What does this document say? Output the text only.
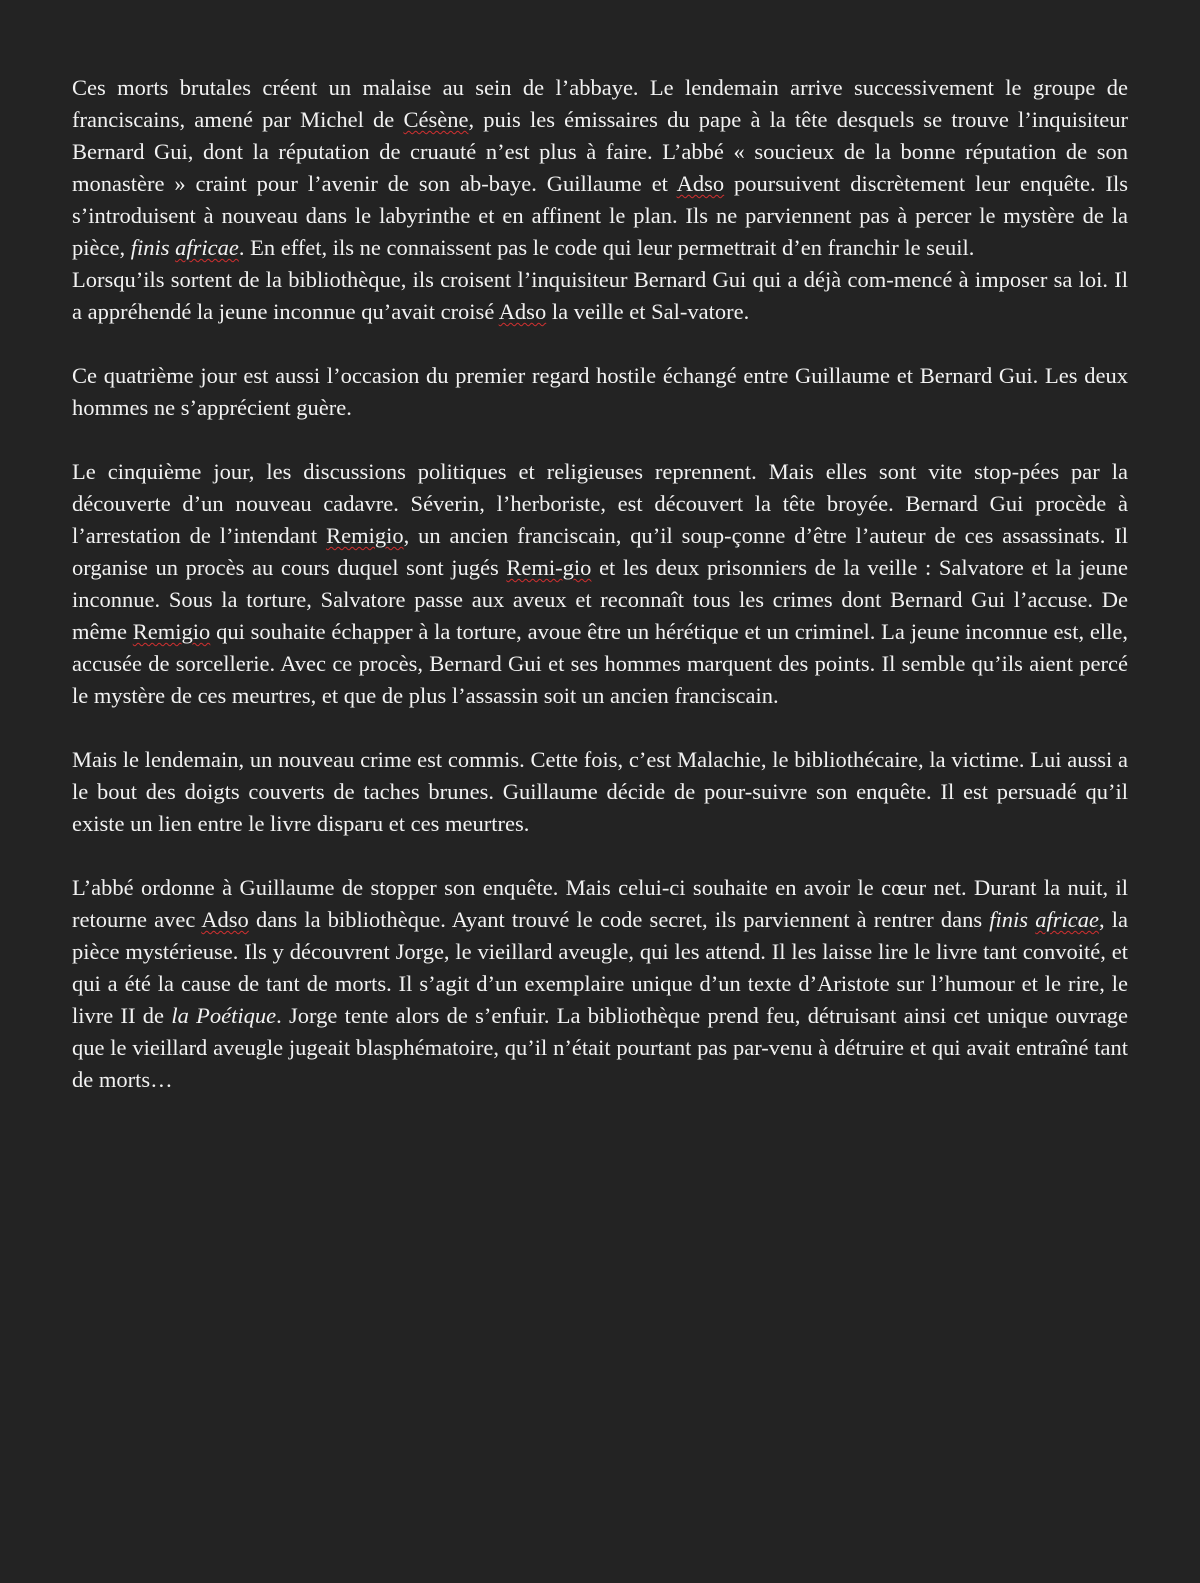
Ces morts brutales créent un malaise au sein de l’abbaye. Le lendemain arrive successivement le groupe de franciscains, amené par Michel de Césène, puis les émissaires du pape à la tête desquels se trouve l’inquisiteur Bernard Gui, dont la réputation de cruauté n’est plus à faire. L’abbé « soucieux de la bonne réputation de son monastère » craint pour l’avenir de son ab-baye. Guillaume et Adso poursuivent discrètement leur enquête. Ils s’introduisent à nouveau dans le labyrinthe et en affinent le plan. Ils ne parviennent pas à percer le mystère de la pièce, finis africae. En effet, ils ne connaissent pas le code qui leur permettrait d’en franchir le seuil.

Lorsqu’ils sortent de la bibliothèque, ils croisent l’inquisiteur Bernard Gui qui a déjà com-mencé à imposer sa loi. Il a appréhendé la jeune inconnue qu’avait croisé Adso la veille et Sal-vatore.

Ce quatrième jour est aussi l’occasion du premier regard hostile échangé entre Guillaume et Bernard Gui. Les deux hommes ne s’apprécient guère.

Le cinquième jour, les discussions politiques et religieuses reprennent. Mais elles sont vite stop-pées par la découverte d’un nouveau cadavre. Séverin, l’herboriste, est découvert la tête broyée. Bernard Gui procède à l’arrestation de l’intendant Remigio, un ancien franciscain, qu’il soup-çonne d’être l’auteur de ces assassinats. Il organise un procès au cours duquel sont jugés Remi-gio et les deux prisonniers de la veille : Salvatore et la jeune inconnue. Sous la torture, Salvatore passe aux aveux et reconnaît tous les crimes dont Bernard Gui l’accuse. De même Remigio qui souhaite échapper à la torture, avoue être un hérétique et un criminel. La jeune inconnue est, elle, accusée de sorcellerie. Avec ce procès, Bernard Gui et ses hommes marquent des points. Il semble qu’ils aient percé le mystère de ces meurtres, et que de plus l’assassin soit un ancien franciscain.

Mais le lendemain, un nouveau crime est commis. Cette fois, c’est Malachie, le bibliothécaire, la victime. Lui aussi a le bout des doigts couverts de taches brunes. Guillaume décide de pour-suivre son enquête. Il est persuadé qu’il existe un lien entre le livre disparu et ces meurtres.

L’abbé ordonne à Guillaume de stopper son enquête. Mais celui-ci souhaite en avoir le cœur net. Durant la nuit, il retourne avec Adso dans la bibliothèque. Ayant trouvé le code secret, ils parviennent à rentrer dans finis africae, la pièce mystérieuse. Ils y découvrent Jorge, le vieillard aveugle, qui les attend. Il les laisse lire le livre tant convoité, et qui a été la cause de tant de morts. Il s’agit d’un exemplaire unique d’un texte d’Aristote sur l’humour et le rire, le livre II de la Poétique. Jorge tente alors de s’enfuir. La bibliothèque prend feu, détruisant ainsi cet unique ouvrage que le vieillard aveugle jugeait blasphématoire, qu’il n’était pourtant pas par-venu à détruire et qui avait entraîné tant de morts…
